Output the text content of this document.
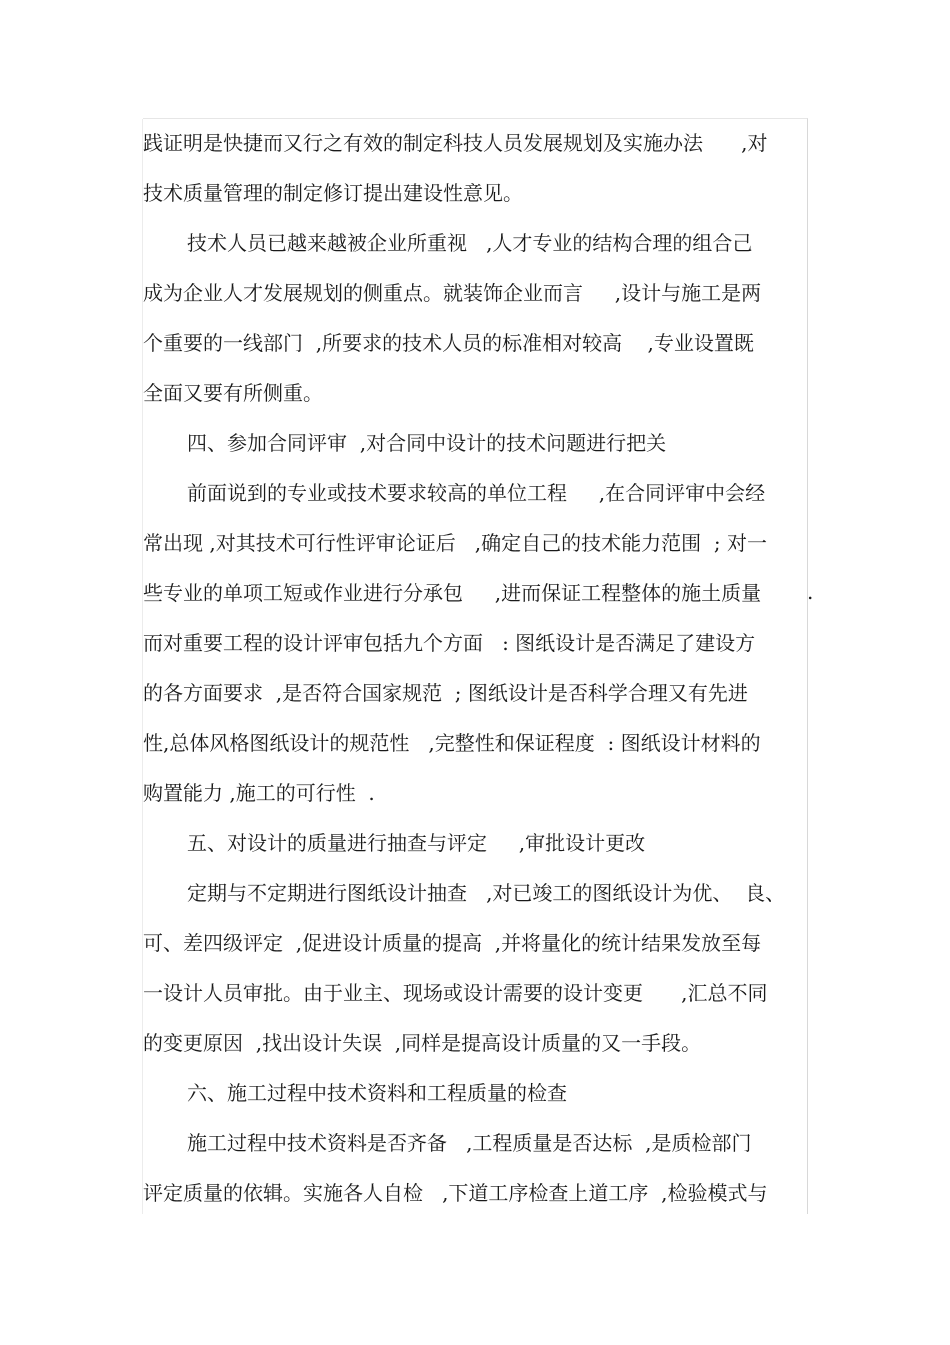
践证明是快捷而又行之有效的制定科技人员发展规划及实施办法      ,对
技术质量管理的制定修订提出建设性意见。
技术人员已越来越被企业所重视   ,人才专业的结构合理的组合己
成为企业人才发展规划的侧重点。就装饰企业而言     ,设计与施工是两
个重要的一线部门  ,所要求的技术人员的标准相对较高    ,专业设置既
全面又要有所侧重。
四、参加合同评审  ,对合同中设计的技术问题进行把关
前面说到的专业或技术要求较高的单位工程     ,在合同评审中会经
常出现 ,对其技术可行性评审论证后   ,确定自己的技术能力范围  ; 对一
些专业的单项工短或作业进行分承包     ,进而保证工程整体的施土质量
而对重要工程的设计评审包括九个方面   : 图纸设计是否满足了建设方
的各方面要求  ,是否符合国家规范  ; 图纸设计是否科学合理又有先进
性,总体风格图纸设计的规范性   ,完整性和保证程度  : 图纸设计材料的
购置能力 ,施工的可行性  .
五、对设计的质量进行抽查与评定     ,审批设计更改
定期与不定期进行图纸设计抽查   ,对已竣工的图纸设计为优、  良、
可、差四级评定  ,促进设计质量的提高  ,并将量化的统计结果发放至每
一设计人员审批。由于业主、现场或设计需要的设计变更      ,汇总不同
的变更原因  ,找出设计失误  ,同样是提高设计质量的又一手段。
六、施工过程中技术资料和工程质量的检查
施工过程中技术资料是否齐备   ,工程质量是否达标  ,是质检部门
评定质量的依辑。实施各人自检   ,下道工序检查上道工序  ,检验模式与
.
